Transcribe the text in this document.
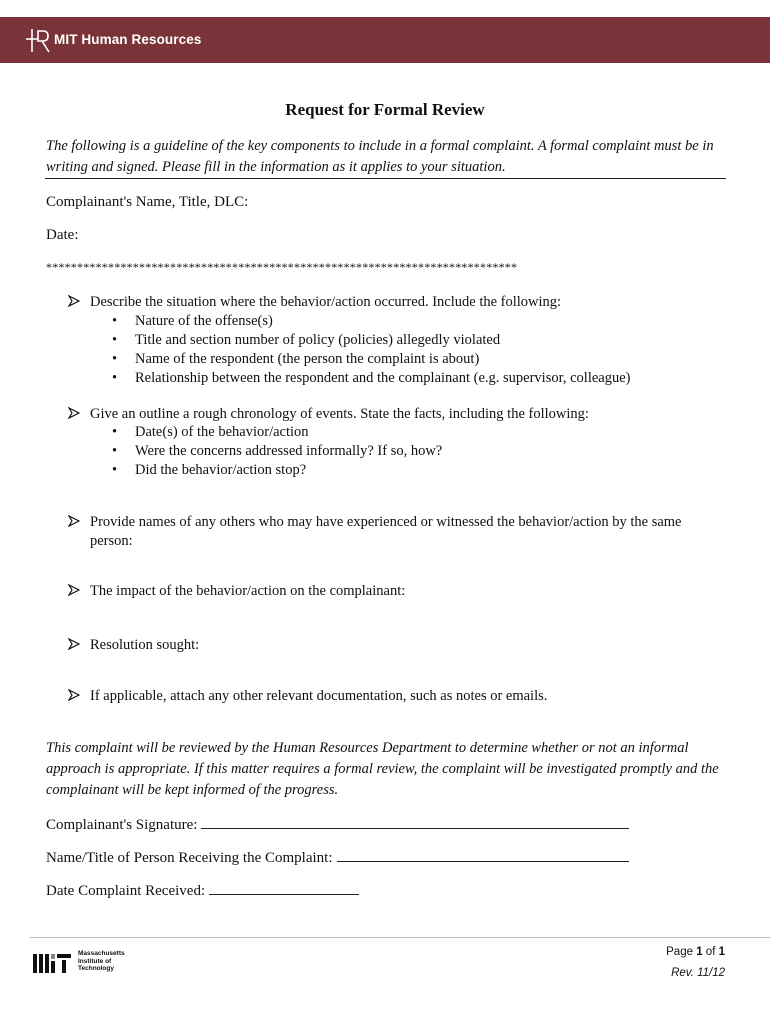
MIT Human Resources
Request for Formal Review
The following is a guideline of the key components to include in a formal complaint. A formal complaint must be in writing and signed. Please fill in the information as it applies to your situation.
Complainant's Name, Title, DLC:
Date:
****************************************************************************
Describe the situation where the behavior/action occurred. Include the following:
Nature of the offense(s)
Title and section number of policy (policies) allegedly violated
Name of the respondent (the person the complaint is about)
Relationship between the respondent and the complainant (e.g. supervisor, colleague)
Give an outline a rough chronology of events. State the facts, including the following:
Date(s) of the behavior/action
Were the concerns addressed informally? If so, how?
Did the behavior/action stop?
Provide names of any others who may have experienced or witnessed the behavior/action by the same
person:
The impact of the behavior/action on the complainant:
Resolution sought:
If applicable, attach any other relevant documentation, such as notes or emails.
This complaint will be reviewed by the Human Resources Department to determine whether or not an informal approach is appropriate. If this matter requires a formal review, the complaint will be investigated promptly and the complainant will be kept informed of the progress.
Complainant's Signature:
Name/Title of Person Receiving the Complaint:
Date Complaint Received:
Massachusetts
Institute of
Technology
Page 1 of 1
Rev. 11/12
